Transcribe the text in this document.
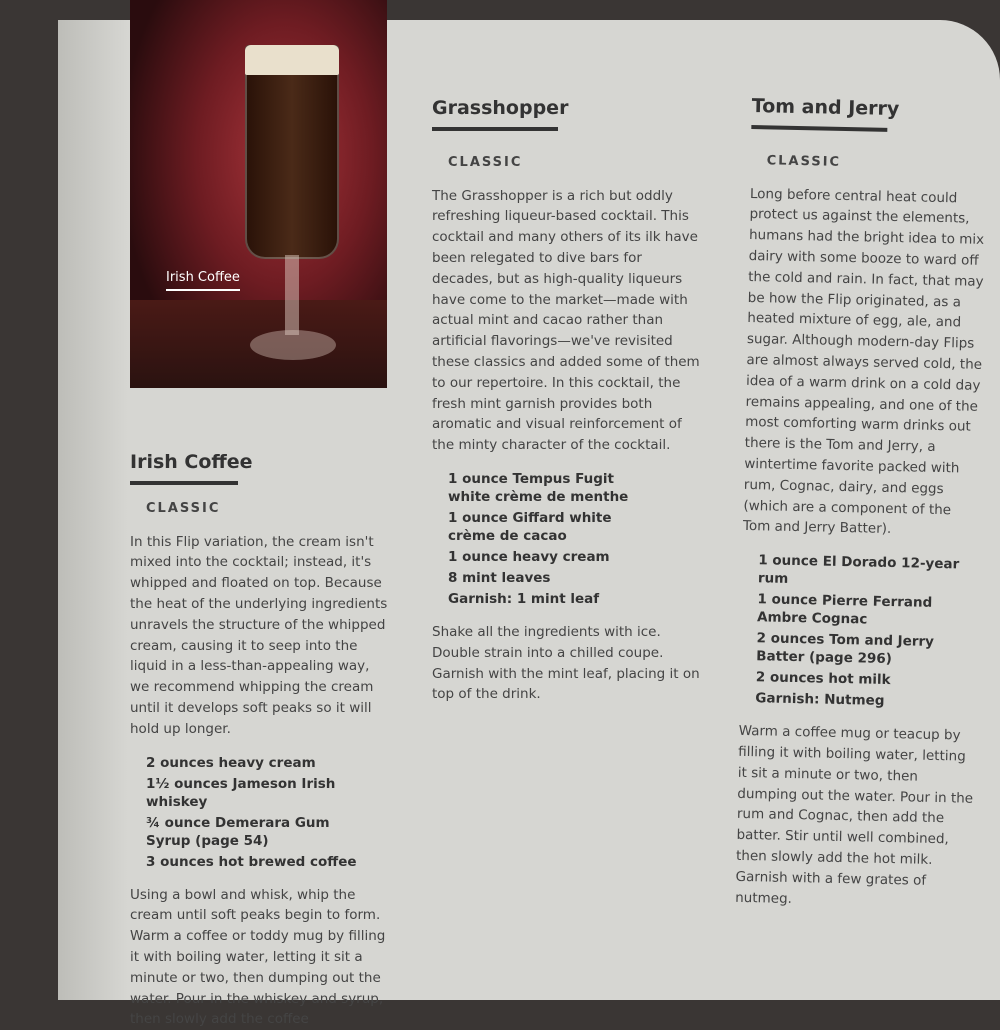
Irish Coffee
Irish Coffee
CLASSIC

In this Flip variation, the cream isn't mixed into the cocktail; instead, it's whipped and floated on top. Because the heat of the underlying ingredients unravels the structure of the whipped cream, causing it to seep into the liquid in a less-than-appealing way, we recommend whipping the cream until it develops soft peaks so it will hold up longer.

2 ounces heavy cream
1½ ounces Jameson Irish whiskey
¾ ounce Demerara Gum Syrup (page 54)
3 ounces hot brewed coffee

Using a bowl and whisk, whip the cream until soft peaks begin to form. Warm a coffee or toddy mug by filling it with boiling water, letting it sit a minute or two, then dumping out the water. Pour in the whiskey and syrup, then slowly add the coffee

Grasshopper
CLASSIC

The Grasshopper is a rich but oddly refreshing liqueur-based cocktail. This cocktail and many others of its ilk have been relegated to dive bars for decades, but as high-quality liqueurs have come to the market—made with actual mint and cacao rather than artificial flavorings—we've revisited these classics and added some of them to our repertoire. In this cocktail, the fresh mint garnish provides both aromatic and visual reinforcement of the minty character of the cocktail.

1 ounce Tempus Fugit white crème de menthe
1 ounce Giffard white crème de cacao
1 ounce heavy cream
8 mint leaves
Garnish: 1 mint leaf

Shake all the ingredients with ice. Double strain into a chilled coupe. Garnish with the mint leaf, placing it on top of the drink.

Tom and Jerry
CLASSIC

Long before central heat could protect us against the elements, humans had the bright idea to mix dairy with some booze to ward off the cold and rain. In fact, that may be how the Flip originated, as a heated mixture of egg, ale, and sugar. Although modern-day Flips are almost always served cold, the idea of a warm drink on a cold day remains appealing, and one of the most comforting warm drinks out there is the Tom and Jerry, a wintertime favorite packed with rum, Cognac, dairy, and eggs (which are a component of the Tom and Jerry Batter).

1 ounce El Dorado 12-year rum
1 ounce Pierre Ferrand Ambre Cognac
2 ounces Tom and Jerry Batter (page 296)
2 ounces hot milk
Garnish: Nutmeg

Warm a coffee mug or teacup by filling it with boiling water, letting it sit a minute or two, then dumping out the water. Pour in the rum and Cognac, then add the batter. Stir until well combined, then slowly add the hot milk. Garnish with a few grates of nutmeg.
